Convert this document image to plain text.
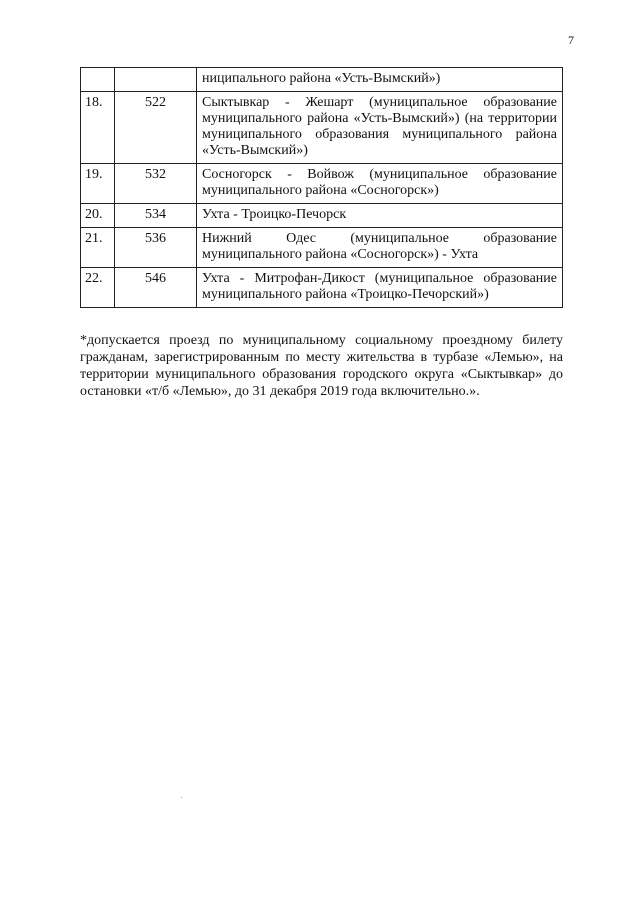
7
		ниципального района «Усть-Вымский»)
18.	522	Сыктывкар - Жешарт (муниципальное образование муниципального района «Усть-Вымский») (на территории муниципального образования муниципального района «Усть-Вымский»)
19.	532	Сосногорск - Войвож (муниципальное образование муниципального района «Сосногорск»)
20.	534	Ухта - Троицко-Печорск
21.	536	Нижний Одес (муниципальное образование муниципального района «Сосногорск») - Ухта
22.	546	Ухта - Митрофан-Дикост (муниципальное образование муниципального района «Троицко-Печорский»)

*допускается проезд по муниципальному социальному проездному билету гражданам, зарегистрированным по месту жительства в турбазе «Лемью», на территории муниципального образования городского округа «Сыктывкар» до остановки «т/б «Лемью», до 31 декабря 2019 года включительно.».
